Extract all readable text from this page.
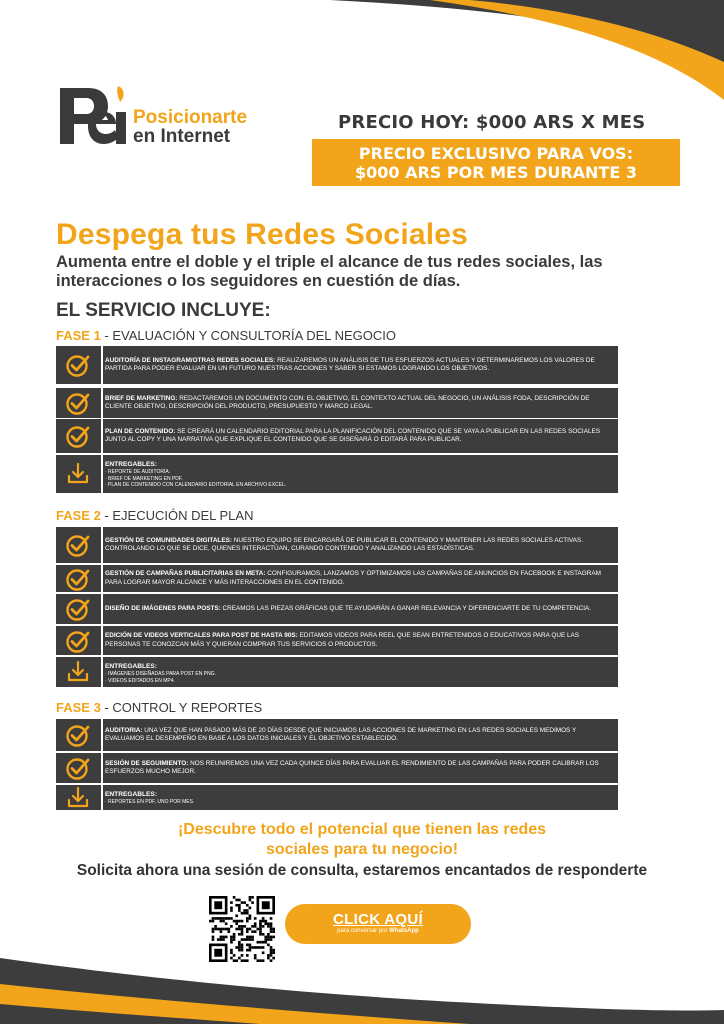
Posicionarte
en Internet
PRECIO HOY: $000 ARS X MES
PRECIO EXCLUSIVO PARA VOS:
$000 ARS POR MES DURANTE 3
Despega tus Redes Sociales
Aumenta entre el doble y el triple el alcance de tus redes sociales, las interacciones o los seguidores en cuestión de días.
EL SERVICIO INCLUYE:
FASE 1 - EVALUACIÓN Y CONSULTORÍA DEL NEGOCIO
AUDITORÍA DE INSTAGRAM/OTRAS REDES SOCIALES: REALIZAREMOS UN ANÁLISIS DE TUS ESFUERZOS ACTUALES Y DETERMINAREMOS LOS VALORES DE PARTIDA PARA PODER EVALUAR EN UN FUTURO NUESTRAS ACCIONES Y SABER SI ESTAMOS LOGRANDO LOS OBJETIVOS.
BRIEF DE MARKETING: REDACTAREMOS UN DOCUMENTO CON: EL OBJETIVO, EL CONTEXTO ACTUAL DEL NEGOCIO, UN ANÁLISIS FODA, DESCRIPCIÓN DE CLIENTE OBJETIVO, DESCRIPCIÓN DEL PRODUCTO, PRESUPUESTO Y MARCO LEGAL.
PLAN DE CONTENIDO: SE CREARÁ UN CALENDARIO EDITORIAL PARA LA PLANIFICACIÓN DEL CONTENIDO QUE SE VAYA A PUBLICAR EN LAS REDES SOCIALES JUNTO AL COPY Y UNA NARRATIVA QUE EXPLIQUE EL CONTENIDO QUE SE DISEÑARÁ O EDITARÁ PARA PUBLICAR.
ENTREGABLES:
· REPORTE DE AUDITORÍA.
· BRIEF DE MARKETING EN PDF.
· PLAN DE CONTENIDO CON CALENDARIO EDITORIAL EN ARCHIVO EXCEL.
FASE 2 - EJECUCIÓN DEL PLAN
GESTIÓN DE COMUNIDADES DIGITALES: NUESTRO EQUIPO SE ENCARGARÁ DE PUBLICAR EL CONTENIDO Y MANTENER LAS REDES SOCIALES ACTIVAS. CONTROLANDO LO QUE SE DICE, QUIENES INTERACTÚAN, CURANDO CONTENIDO Y ANALIZANDO LAS ESTADÍSTICAS.
GESTIÓN DE CAMPAÑAS PUBLICITARIAS EN META: CONFIGURAMOS, LANZAMOS Y OPTIMIZAMOS LAS CAMPAÑAS DE ANUNCIOS EN FACEBOOK E INSTAGRAM PARA LOGRAR MAYOR ALCANCE Y MÁS INTERACCIONES EN EL CONTENIDO.
DISEÑO DE IMÁGENES PARA POSTS: CREAMOS LAS PIEZAS GRÁFICAS QUE TE AYUDARÁN A GANAR RELEVANCIA Y DIFERENCIARTE DE TU COMPETENCIA.
EDICIÓN DE VIDEOS VERTICALES PARA POST DE HASTA 90S: EDITAMOS VIDEOS PARA REEL QUE SEAN ENTRETENIDOS O EDUCATIVOS PARA QUE LAS PERSONAS TE CONOZCAN MÁS Y QUIERAN COMPRAR TUS SERVICIOS O PRODUCTOS.
ENTREGABLES:
· IMÁGENES DISEÑADAS PARA POST EN PNG.
· VIDEOS EDITADOS EN MP4.
FASE 3 - CONTROL Y REPORTES
AUDITORIA: UNA VEZ QUE HAN PASADO MÁS DE 20 DÍAS DESDE QUE INICIAMOS LAS ACCIONES DE MARKETING EN LAS REDES SOCIALES MEDIMOS Y EVALUAMOS EL DESEMPEÑO EN BASE A LOS DATOS INICIALES Y EL OBJETIVO ESTABLECIDO.
SESIÓN DE SEGUIMIENTO: NOS REUNIREMOS UNA VEZ CADA QUINCE DÍAS PARA EVALUAR EL RENDIMIENTO DE LAS CAMPAÑAS PARA PODER CALIBRAR LOS ESFUERZOS MUCHO MEJOR.
ENTREGABLES:
· REPORTES EN PDF, UNO POR MES.
¡Descubre todo el potencial que tienen las redes
sociales para tu negocio!
Solicita ahora una sesión de consulta, estaremos encantados de responderte
CLICK AQUÍ
para conversar por WhatsApp
